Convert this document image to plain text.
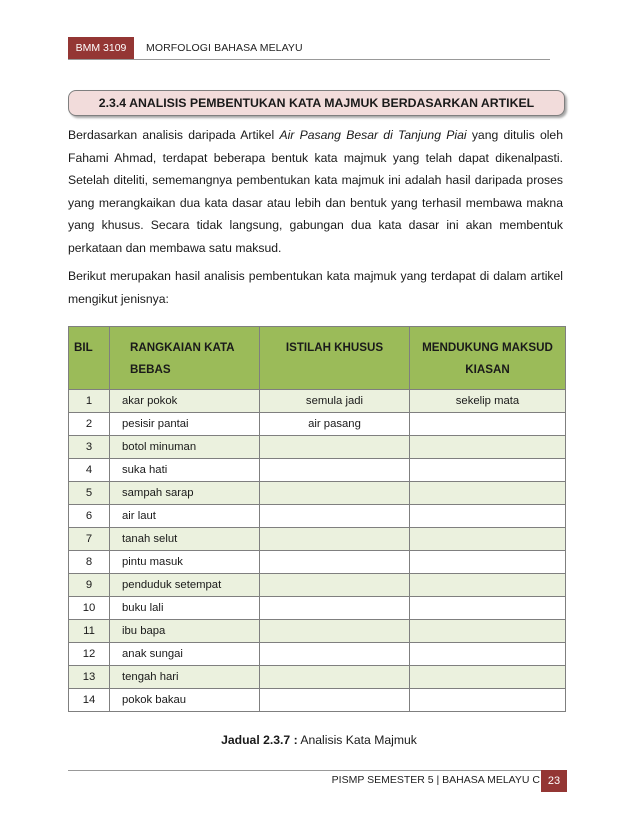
BMM 3109 MORFOLOGI BAHASA MELAYU
2.3.4 ANALISIS PEMBENTUKAN KATA MAJMUK BERDASARKAN ARTIKEL

Berdasarkan analisis daripada Artikel Air Pasang Besar di Tanjung Piai yang ditulis oleh Fahami Ahmad, terdapat beberapa bentuk kata majmuk yang telah dapat dikenalpasti. Setelah diteliti, sememangnya pembentukan kata majmuk ini adalah hasil daripada proses yang merangkaikan dua kata dasar atau lebih dan bentuk yang terhasil membawa makna yang khusus. Secara tidak langsung, gabungan dua kata dasar ini akan membentuk perkataan dan membawa satu maksud.

Berikut merupakan hasil analisis pembentukan kata majmuk yang terdapat di dalam artikel mengikut jenisnya:

BIL	RANGKAIAN KATA BEBAS	ISTILAH KHUSUS	MENDUKUNG MAKSUD KIASAN
1	akar pokok	semula jadi	sekelip mata
2	pesisir pantai	air pasang	
3	botol minuman		
4	suka hati		
5	sampah sarap		
6	air laut		
7	tanah selut		
8	pintu masuk		
9	penduduk setempat		
10	buku lali		
11	ibu bapa		
12	anak sungai		
13	tengah hari		
14	pokok bakau		
Jadual 2.3.7 : Analisis Kata Majmuk
PISMP SEMESTER 5 | BAHASA MELAYU C 23
